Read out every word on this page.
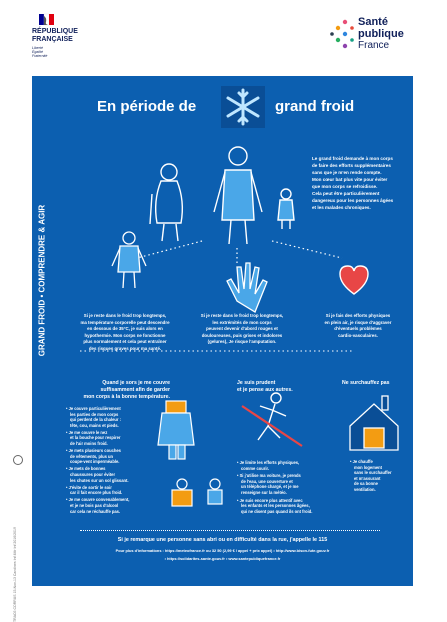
RÉPUBLIQUE
FRANÇAISE
Liberté
Égalité
Fraternité
Santé
publique
France
TRAC6 CORRUS 15-Nov-13 Carolines Inf 4Mr Inf 2016/2019
GRAND FROID • COMPRENDRE & AGIR
En période de	grand froid
Le grand froid demande à mon corps
de faire des efforts supplémentaires
sans que je m'en rende compte.
Mon cœur bat plus vite pour éviter
que mon corps se refroidisse.
Cela peut être particulièrement
dangereux pour les personnes âgées
et les malades chroniques.
Si je reste dans le froid trop longtemps,
ma température corporelle peut descendre
en dessous de 35°C, je suis alors en
hypothermie. Mon corps ne fonctionne
plus normalement et cela peut entraîner
des risques graves pour ma santé.
Si je reste dans le froid trop longtemps,
les extrémités de mon corps
peuvent devenir d'abord rouges et
douloureuses, puis grises et indolores
(gelures), Je risque l'amputation.
Si je fais des efforts physiques
en plein air, je risque d'aggraver
d'éventuels problèmes
cardio-vasculaires.
Quand je sors je me couvre
suffisamment afin de garder
mon corps à la bonne température.
• Je couvre particulièrement
les parties de mon corps
qui perdent de la chaleur :
tête, cou, mains et pieds.
• Je me couvre le nez
et la bouche pour respirer
de l'air moins froid.
• Je mets plusieurs couches
de vêtements, plus un
coupe-vent imperméable.
• Je mets de bonnes
chaussures pour éviter
les chutes sur un sol glissant.
• J'évite de sortir le soir
car il fait encore plus froid.
• Je me couvre convenablement,
et je ne bois pas d'alcool
car cela ne réchauffe pas.
Je suis prudent
et je pense aux autres.
• Je limite les efforts physiques,
comme courir.
• Si j'utilise ma voiture, je prends
de l'eau, une couverture et
un téléphone chargé, et je me
renseigne sur la météo.
• Je suis encore plus attentif avec
les enfants et les personnes âgées,
qui ne disent pas quand ils ont froid.
Ne surchauffez pas
• Je chauffe
mon logement
sans le surchauffer
et m'assurant
de sa bonne
ventilation.
Si je remarque une personne sans abri ou en difficulté dans la rue, j'appelle le 115
Pour plus d'informations : https://meteofrance.fr ou 32 50 (2,99 € / appel + prix appel) • http://www.bison-fute.gouv.fr
• https://solidarites-sante.gouv.fr • www.santepubliquefrance.fr
